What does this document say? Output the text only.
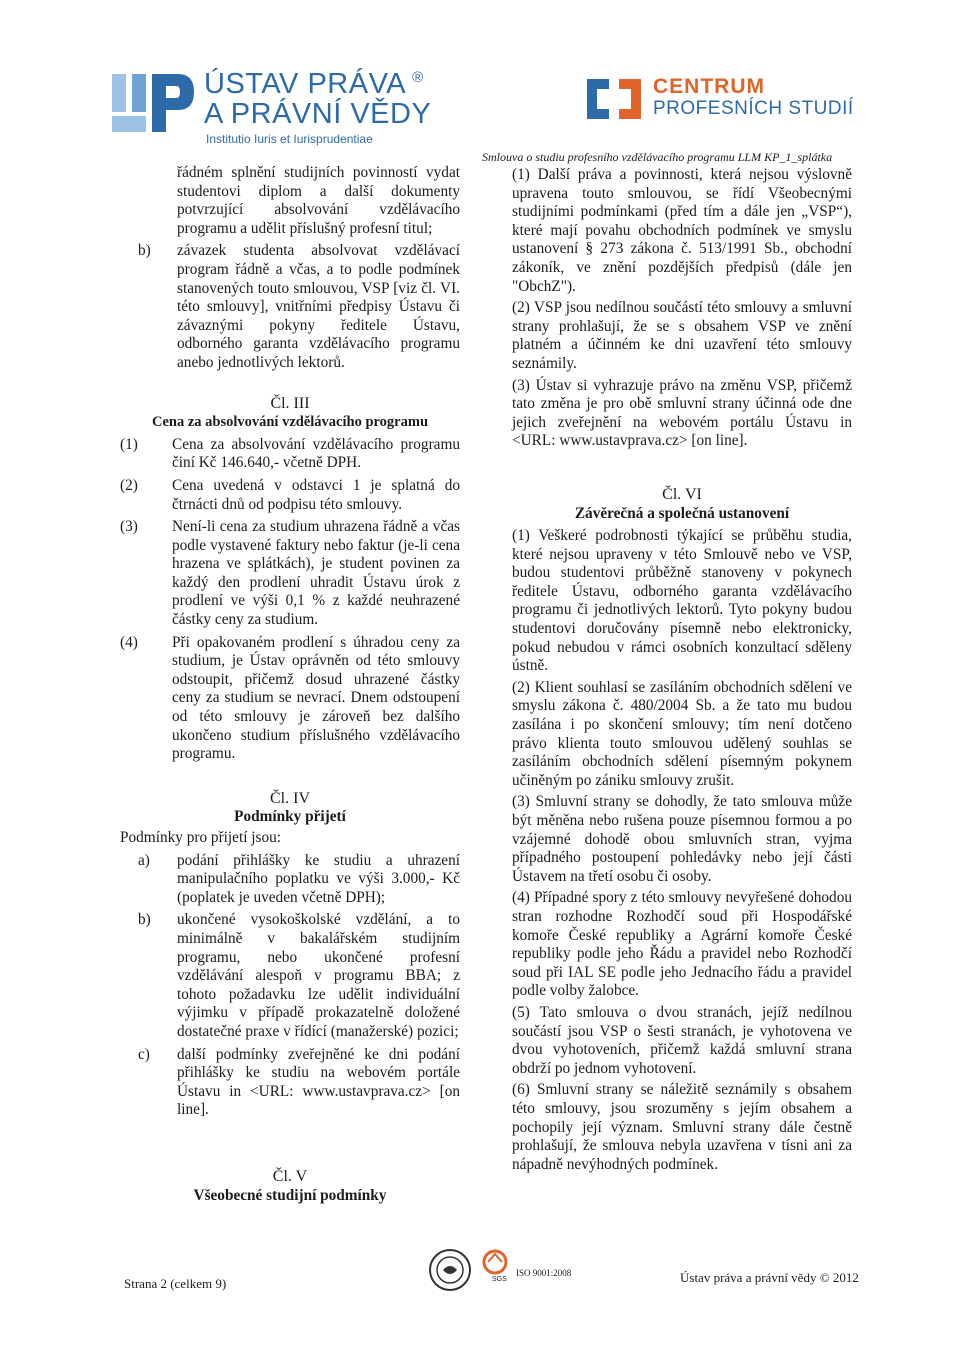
ÚSTAV PRÁVA ®
A PRÁVNÍ VĚDY
Institutio Iuris et Iurisprudentiae
CENTRUM
PROFESNÍCH STUDIÍ
Smlouva o studiu profesního vzdělávacího programu LLM KP_1_splátka
řádném splnění studijních povinností vydat studentovi diplom a další dokumenty potvrzující absolvování vzdělávacího programu a udělit příslušný profesní titul;
b)	závazek studenta absolvovat vzdělávací program řádně a včas, a to podle podmínek stanovených touto smlouvou, VSP [viz čl. VI. této smlouvy], vnitřními předpisy Ústavu či závaznými pokyny ředitele Ústavu, odborného garanta vzdělávacího programu anebo jednotlivých lektorů.

Čl. III

Cena za absolvování vzdělávacího programu

(1)	Cena za absolvování vzdělávacího programu činí Kč 146.640,- včetně DPH.
(2)	Cena uvedená v odstavci 1 je splatná do čtrnácti dnů od podpisu této smlouvy.
(3)	Není-li cena za studium uhrazena řádně a včas podle vystavené faktury nebo faktur (je-li cena hrazena ve splátkách), je student povinen za každý den prodlení uhradit Ústavu úrok z prodlení ve výši 0,1 % z každé neuhrazené částky ceny za studium.
(4)	Při opakovaném prodlení s úhradou ceny za studium, je Ústav oprávněn od této smlouvy odstoupit, přičemž dosud uhrazené částky ceny za studium se nevrací. Dnem odstoupení od této smlouvy je zároveň bez dalšího ukončeno studium příslušného vzdělávacího programu.

Čl. IV

Podmínky přijetí

Podmínky pro přijetí jsou:

a)	podání přihlášky ke studiu a uhrazení manipulačního poplatku ve výši 3.000,- Kč (poplatek je uveden včetně DPH);
b)	ukončené vysokoškolské vzdělání, a to minimálně v bakalářském studijním programu, nebo ukončené profesní vzdělávání alespoň v programu BBA; z tohoto požadavku lze udělit individuální výjimku v případě prokazatelně doložené dostatečné praxe v řídící (manažerské) pozici;
c)	další podmínky zveřejněné ke dni podání přihlášky ke studiu na webovém portále Ústavu in <URL: www.ustavprava.cz> [on line].

Čl. V

Všeobecné studijní podmínky

(1) Další práva a povinnosti, která nejsou výslovně upravena touto smlouvou, se řídí Všeobecnými studijními podmínkami (před tím a dále jen „VSP“), které mají povahu obchodních podmínek ve smyslu ustanovení § 273 zákona č. 513/1991 Sb., obchodní zákoník, ve znění pozdějších předpisů (dále jen "ObchZ").

(2) VSP jsou nedílnou součástí této smlouvy a smluvní strany prohlašují, že se s obsahem VSP ve znění platném a účinném ke dni uzavření této smlouvy seznámily.

(3) Ústav si vyhrazuje právo na změnu VSP, přičemž tato změna je pro obě smluvní strany účinná ode dne jejich zveřejnění na webovém portálu Ústavu in <URL: www.ustavprava.cz> [on line].

Čl. VI

Závěrečná a společná ustanovení

(1) Veškeré podrobnosti týkající se průběhu studia, které nejsou upraveny v této Smlouvě nebo ve VSP, budou studentovi průběžně stanoveny v pokynech ředitele Ústavu, odborného garanta vzdělávacího programu či jednotlivých lektorů. Tyto pokyny budou studentovi doručovány písemně nebo elektronicky, pokud nebudou v rámci osobních konzultací sděleny ústně.

(2) Klient souhlasí se zasíláním obchodních sdělení ve smyslu zákona č. 480/2004 Sb. a že tato mu budou zasílána i po skončení smlouvy; tím není dotčeno právo klienta touto smlouvou udělený souhlas se zasíláním obchodních sdělení písemným pokynem učiněným po zániku smlouvy zrušit.

(3) Smluvní strany se dohodly, že tato smlouva může být měněna nebo rušena pouze písemnou formou a po vzájemné dohodě obou smluvních stran, vyjma případného postoupení pohledávky nebo její části Ústavem na třetí osobu či osoby.

(4) Případné spory z této smlouvy nevyřešené dohodou stran rozhodne Rozhodčí soud při Hospodářské komoře České republiky a Agrární komoře České republiky podle jeho Řádu a pravidel nebo Rozhodčí soud při IAL SE podle jeho Jednacího řádu a pravidel podle volby žalobce.

(5) Tato smlouva o dvou stranách, jejíž nedílnou součástí jsou VSP o šesti stranách, je vyhotovena ve dvou vyhotoveních, přičemž každá smluvní strana obdrží po jednom vyhotovení.

(6) Smluvní strany se náležitě seznámily s obsahem této smlouvy, jsou srozuměny s jejím obsahem a pochopily její význam. Smluvní strany dále čestně prohlašují, že smlouva nebyla uzavřena v tísni ani za nápadně nevýhodných podmínek.

Strana 2 (celkem 9)	SGS
ISO 9001:2008	Ústav práva a právní vědy © 2012
